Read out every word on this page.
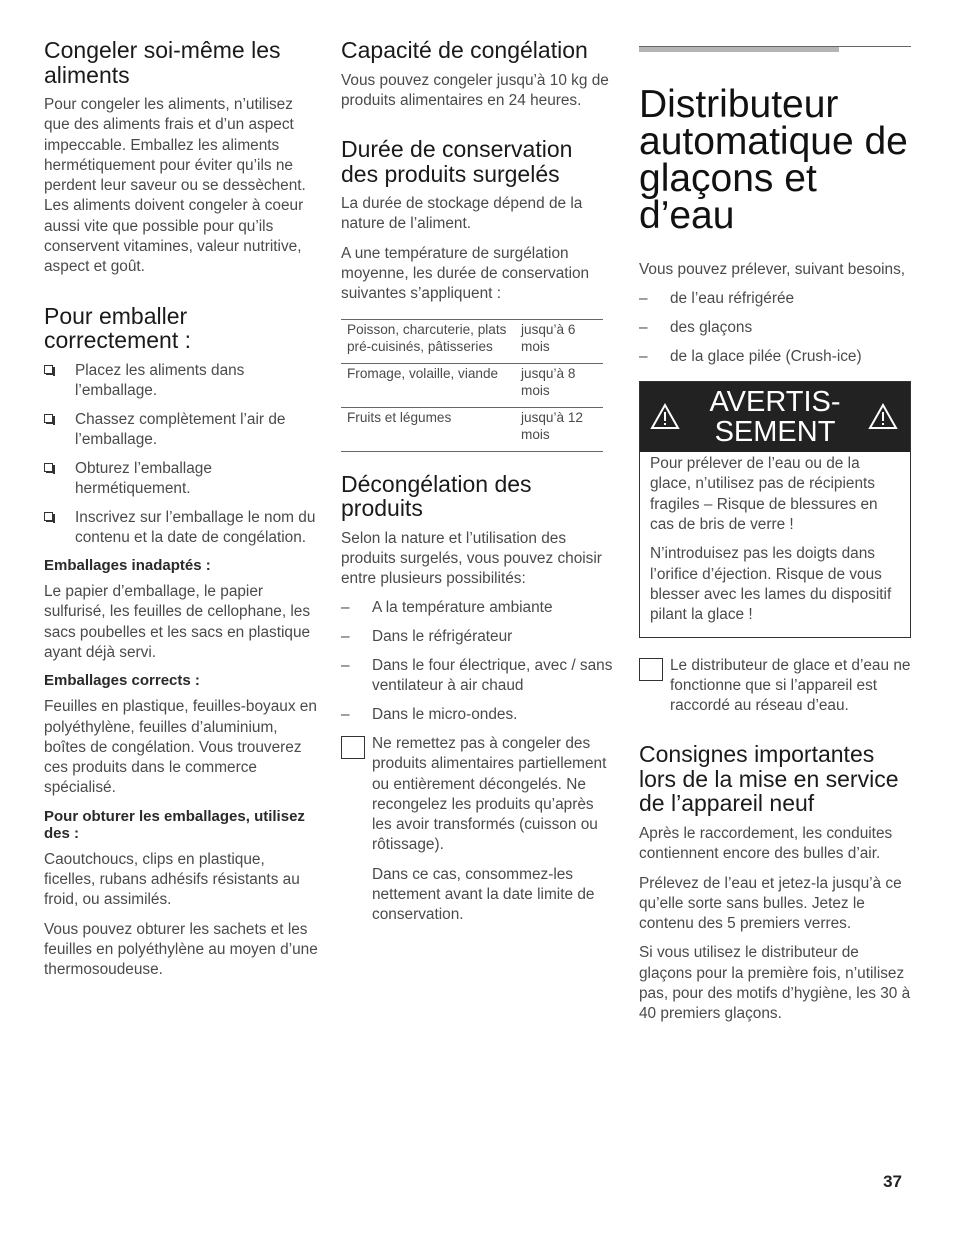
Congeler soi-même les aliments

Pour congeler les aliments, n’utilisez que des aliments frais et d’un aspect impeccable. Emballez les aliments hermétiquement pour éviter qu’ils ne perdent leur saveur ou se dessèchent. Les aliments doivent congeler à coeur aussi vite que possible pour qu’ils conservent vitamines, valeur nutritive, aspect et goût.

Pour emballer correctement :
Placez les aliments dans l’emballage.
Chassez complètement l’air de l’emballage.
Obturez l’emballage hermétiquement.
Inscrivez sur l’emballage le nom du contenu et la date de congélation.
Emballages inadaptés :

Le papier d’emballage, le papier sulfurisé, les feuilles de cellophane, les sacs poubelles et les sacs en plastique ayant déjà servi.

Emballages corrects :

Feuilles en plastique, feuilles-boyaux en polyéthylène, feuilles d’aluminium, boîtes de congélation. Vous trouverez ces produits dans le commerce spécialisé.

Pour obturer les emballages, utilisez des :

Caoutchoucs, clips en plastique, ficelles, rubans adhésifs résistants au froid, ou assimilés.

Vous pouvez obturer les sachets et les feuilles en polyéthylène au moyen d’une thermosoudeuse.

Capacité de congélation

Vous pouvez congeler jusqu’à 10 kg de produits alimentaires en 24 heures.

Durée de conservation des produits surgelés

La durée de stockage dépend de la nature de l’aliment.

A une température de surgélation moyenne, les durée de conservation suivantes s’appliquent :

Poisson, charcuterie, plats pré-cuisinés, pâtisseries	jusqu’à 6 mois
Fromage, volaille, viande	jusqu’à 8 mois
Fruits et légumes	jusqu’à 12 mois
Décongélation des produits

Selon la nature et l’utilisation des produits surgelés, vous pouvez choisir entre plusieurs possibilités:

– A la température ambiante
– Dans le réfrigérateur
– Dans le four électrique, avec / sans ventilateur à air chaud
– Dans le micro-ondes.

Ne remettez pas à congeler des produits alimentaires partiellement ou entièrement décongelés. Ne recongelez les produits qu’après les avoir transformés (cuisson ou rôtissage).

Dans ce cas, consommez-les nettement avant la date limite de conservation.

Distributeur automatique de glaçons et d’eau

Vous pouvez prélever, suivant besoins,

– de l’eau réfrigérée
– des glaçons
– de la glace pilée (Crush-ice)
AVERTIS-
SEMENT

Pour prélever de l’eau ou de la glace, n’utilisez pas de récipients fragiles – Risque de blessures en cas de bris de verre !

N’introduisez pas les doigts dans l’orifice d’éjection. Risque de vous blesser avec les lames du dispositif pilant la glace !

Le distributeur de glace et d’eau ne fonctionne que si l’appareil est raccordé au réseau d’eau.

Consignes importantes lors de la mise en service de l’appareil neuf

Après le raccordement, les conduites contiennent encore des bulles d’air.

Prélevez de l’eau et jetez-la jusqu’à ce qu’elle sorte sans bulles. Jetez le contenu des 5 premiers verres.

Si vous utilisez le distributeur de glaçons pour la première fois, n’utilisez pas, pour des motifs d’hygiène, les 30 à 40 premiers glaçons.

37
